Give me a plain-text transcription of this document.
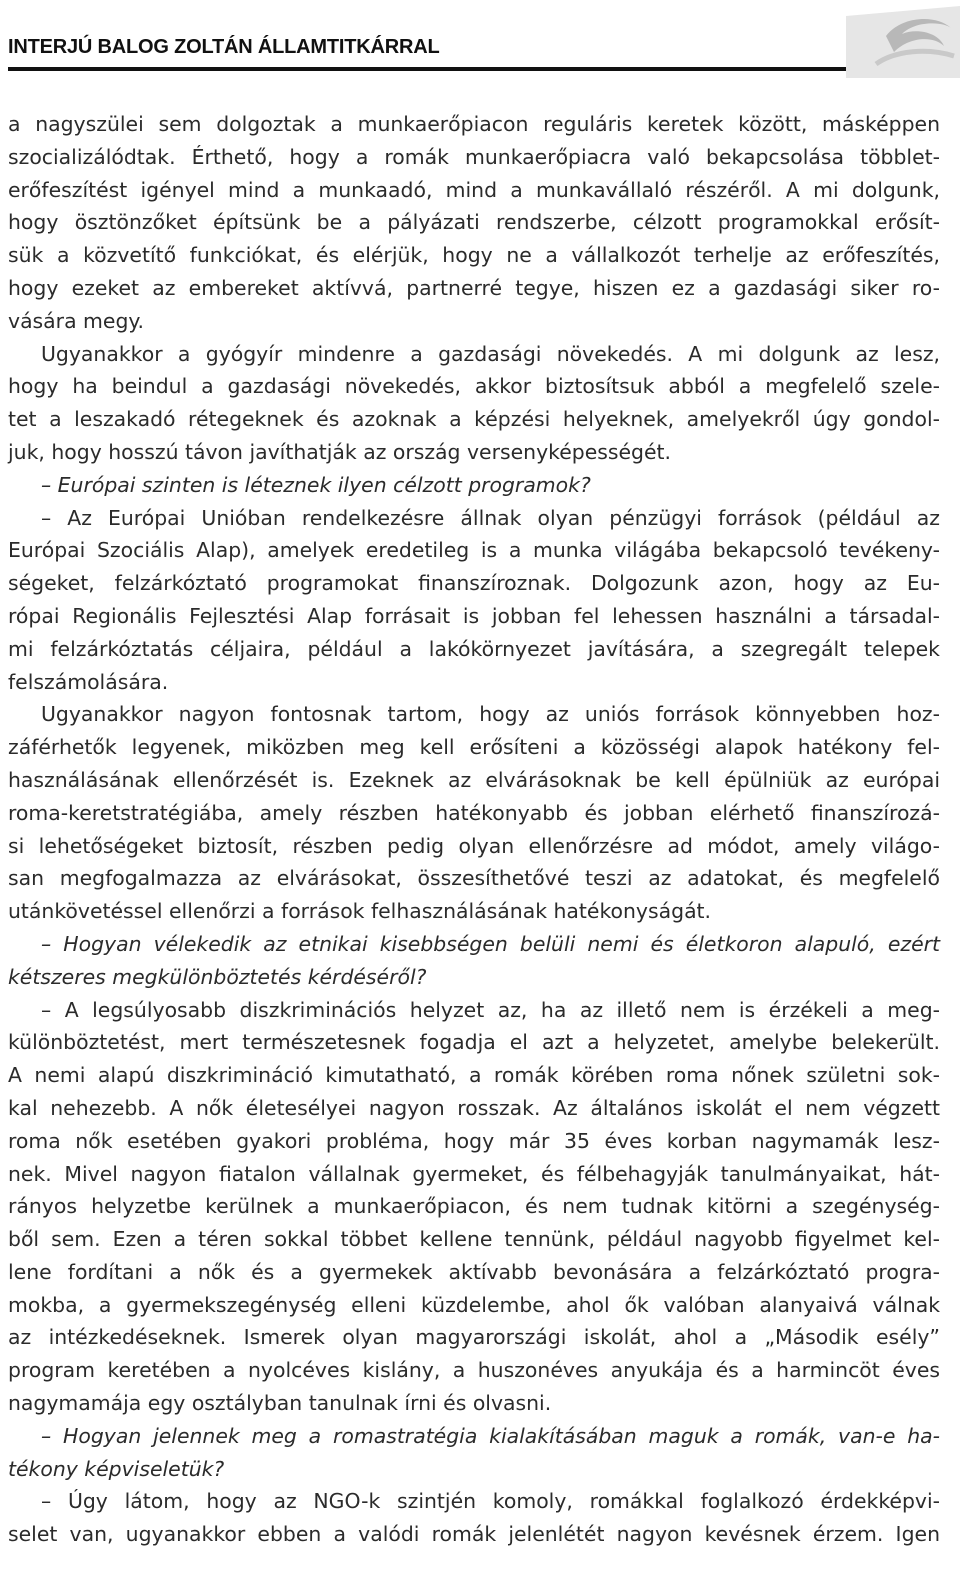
INTERJÚ BALOG ZOLTÁN ÁLLAMTITKÁRRAL
a nagyszülei sem dolgoztak a munkaerőpiacon reguláris keretek között, másképpen
szocializálódtak. Érthető, hogy a romák munkaerőpiacra való bekapcsolása többlet-
erőfeszítést igényel mind a munkaadó, mind a munkavállaló részéről. A mi dolgunk,
hogy ösztönzőket építsünk be a pályázati rendszerbe, célzott programokkal erősít-
sük a közvetítő funkciókat, és elérjük, hogy ne a vállalkozót terhelje az erőfeszítés,
hogy ezeket az embereket aktívvá, partnerré tegye, hiszen ez a gazdasági siker ro-
vására megy.
Ugyanakkor a gyógyír mindenre a gazdasági növekedés. A mi dolgunk az lesz,
hogy ha beindul a gazdasági növekedés, akkor biztosítsuk abból a megfelelő szele-
tet a leszakadó rétegeknek és azoknak a képzési helyeknek, amelyekről úgy gondol-
juk, hogy hosszú távon javíthatják az ország versenyképességét.
– Európai szinten is léteznek ilyen célzott programok?
– Az Európai Unióban rendelkezésre állnak olyan pénzügyi források (például az
Európai Szociális Alap), amelyek eredetileg is a munka világába bekapcsoló tevékeny-
ségeket, felzárkóztató programokat finanszíroznak. Dolgozunk azon, hogy az Eu-
rópai Regionális Fejlesztési Alap forrásait is jobban fel lehessen használni a társadal-
mi felzárkóztatás céljaira, például a lakókörnyezet javítására, a szegregált telepek
felszámolására.
Ugyanakkor nagyon fontosnak tartom, hogy az uniós források könnyebben hoz-
záférhetők legyenek, miközben meg kell erősíteni a közösségi alapok hatékony fel-
használásának ellenőrzését is. Ezeknek az elvárásoknak be kell épülniük az európai
roma-keretstratégiába, amely részben hatékonyabb és jobban elérhető finanszírozá-
si lehetőségeket biztosít, részben pedig olyan ellenőrzésre ad módot, amely világo-
san megfogalmazza az elvárásokat, összesíthetővé teszi az adatokat, és megfelelő
utánkövetéssel ellenőrzi a források felhasználásának hatékonyságát.
– Hogyan vélekedik az etnikai kisebbségen belüli nemi és életkoron alapuló, ezért
kétszeres megkülönböztetés kérdéséről?
– A legsúlyosabb diszkriminációs helyzet az, ha az illető nem is érzékeli a meg-
különböztetést, mert természetesnek fogadja el azt a helyzetet, amelybe belekerült.
A nemi alapú diszkrimináció kimutatható, a romák körében roma nőnek születni sok-
kal nehezebb. A nők életesélyei nagyon rosszak. Az általános iskolát el nem végzett
roma nők esetében gyakori probléma, hogy már 35 éves korban nagymamák lesz-
nek. Mivel nagyon fiatalon vállalnak gyermeket, és félbehagyják tanulmányaikat, hát-
rányos helyzetbe kerülnek a munkaerőpiacon, és nem tudnak kitörni a szegénység-
ből sem. Ezen a téren sokkal többet kellene tennünk, például nagyobb figyelmet kel-
lene fordítani a nők és a gyermekek aktívabb bevonására a felzárkóztató progra-
mokba, a gyermekszegénység elleni küzdelembe, ahol ők valóban alanyaivá válnak
az intézkedéseknek. Ismerek olyan magyarországi iskolát, ahol a „Második esély”
program keretében a nyolcéves kislány, a huszonéves anyukája és a harmincöt éves
nagymamája egy osztályban tanulnak írni és olvasni.
– Hogyan jelennek meg a romastratégia kialakításában maguk a romák, van-e ha-
tékony képviseletük?
– Úgy látom, hogy az NGO-k szintjén komoly, romákkal foglalkozó érdekképvi-
selet van, ugyanakkor ebben a valódi romák jelenlétét nagyon kevésnek érzem. Igen
